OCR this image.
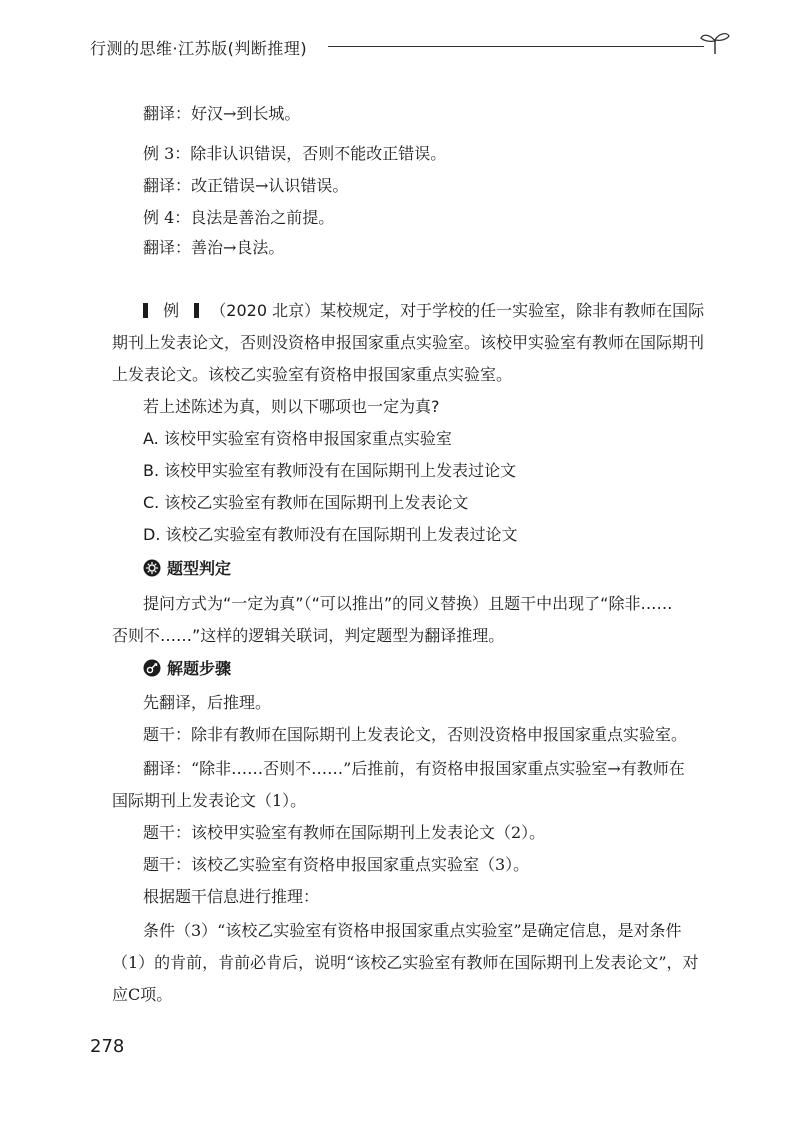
行测的思维·江苏版(判断推理)
翻译：好汉→到长城。
例 3：除非认识错误，否则不能改正错误。
翻译：改正错误→认识错误。
例 4：良法是善治之前提。
翻译：善治→良法。
例 （2020 北京）某校规定，对于学校的任一实验室，除非有教师在国际
期刊上发表论文，否则没资格申报国家重点实验室。该校甲实验室有教师在国际期刊
上发表论文。该校乙实验室有资格申报国家重点实验室。
若上述陈述为真，则以下哪项也一定为真?
A. 该校甲实验室有资格申报国家重点实验室
B. 该校甲实验室有教师没有在国际期刊上发表过论文
C. 该校乙实验室有教师在国际期刊上发表论文
D. 该校乙实验室有教师没有在国际期刊上发表过论文
题型判定
提问方式为“一定为真”（“可以推出”的同义替换）且题干中出现了“除非……
否则不……”这样的逻辑关联词，判定题型为翻译推理。
解题步骤
先翻译，后推理。
题干：除非有教师在国际期刊上发表论文，否则没资格申报国家重点实验室。
翻译：“除非……否则不……”后推前，有资格申报国家重点实验室→有教师在
国际期刊上发表论文（1）。
题干：该校甲实验室有教师在国际期刊上发表论文（2）。
题干：该校乙实验室有资格申报国家重点实验室（3）。
根据题干信息进行推理：
条件（3）“该校乙实验室有资格申报国家重点实验室”是确定信息，是对条件
（1）的肯前，肯前必肯后，说明“该校乙实验室有教师在国际期刊上发表论文”，对
应C项。
278
